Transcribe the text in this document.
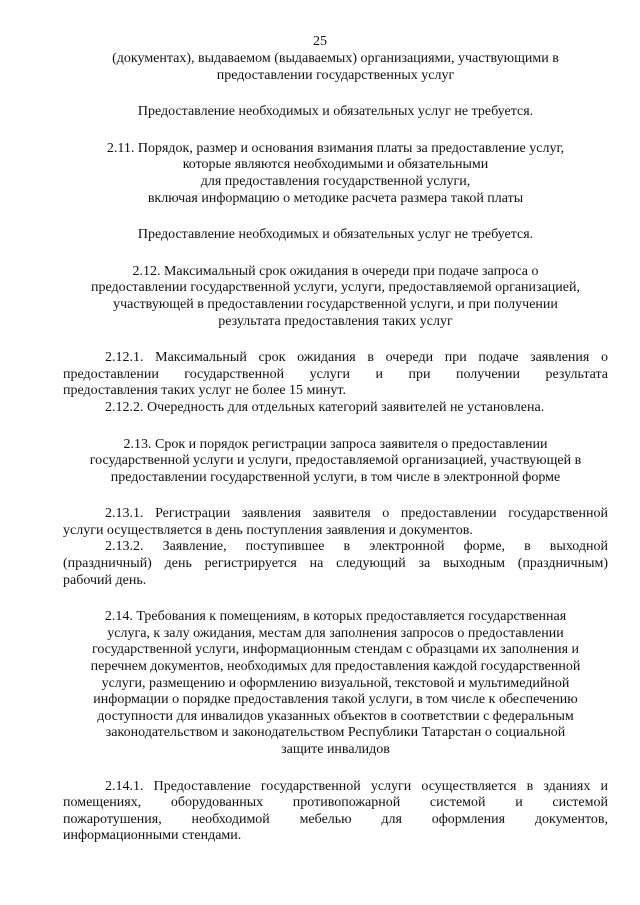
25
(документах), выдаваемом (выдаваемых) организациями, участвующими в
предоставлении государственных услуг
Предоставление необходимых и обязательных услуг не требуется.
2.11. Порядок, размер и основания взимания платы за предоставление услуг,
которые являются необходимыми и обязательными
для предоставления государственной услуги,
включая информацию о методике расчета размера такой платы
Предоставление необходимых и обязательных услуг не требуется.
2.12. Максимальный срок ожидания в очереди при подаче запроса о
предоставлении государственной услуги, услуги, предоставляемой организацией,
участвующей в предоставлении государственной услуги, и при получении
результата предоставления таких услуг
2.12.1. Максимальный срок ожидания в очереди при подаче заявления о
предоставлении государственной услуги и при получении результата
предоставления таких услуг не более 15 минут.
2.12.2. Очередность для отдельных категорий заявителей не установлена.
2.13. Срок и порядок регистрации запроса заявителя о предоставлении
государственной услуги и услуги, предоставляемой организацией, участвующей в
предоставлении государственной услуги, в том числе в электронной форме
2.13.1. Регистрации заявления заявителя о предоставлении государственной
услуги осуществляется в день поступления заявления и документов.
2.13.2. Заявление, поступившее в электронной форме, в выходной
(праздничный) день регистрируется на следующий за выходным (праздничным)
рабочий день.
2.14. Требования к помещениям, в которых предоставляется государственная
услуга, к залу ожидания, местам для заполнения запросов о предоставлении
государственной услуги, информационным стендам с образцами их заполнения и
перечнем документов, необходимых для предоставления каждой государственной
услуги, размещению и оформлению визуальной, текстовой и мультимедийной
информации о порядке предоставления такой услуги, в том числе к обеспечению
доступности для инвалидов указанных объектов в соответствии с федеральным
законодательством и законодательством Республики Татарстан о социальной
защите инвалидов
2.14.1. Предоставление государственной услуги осуществляется в зданиях и
помещениях, оборудованных противопожарной системой и системой
пожаротушения, необходимой мебелью для оформления документов,
информационными стендами.
